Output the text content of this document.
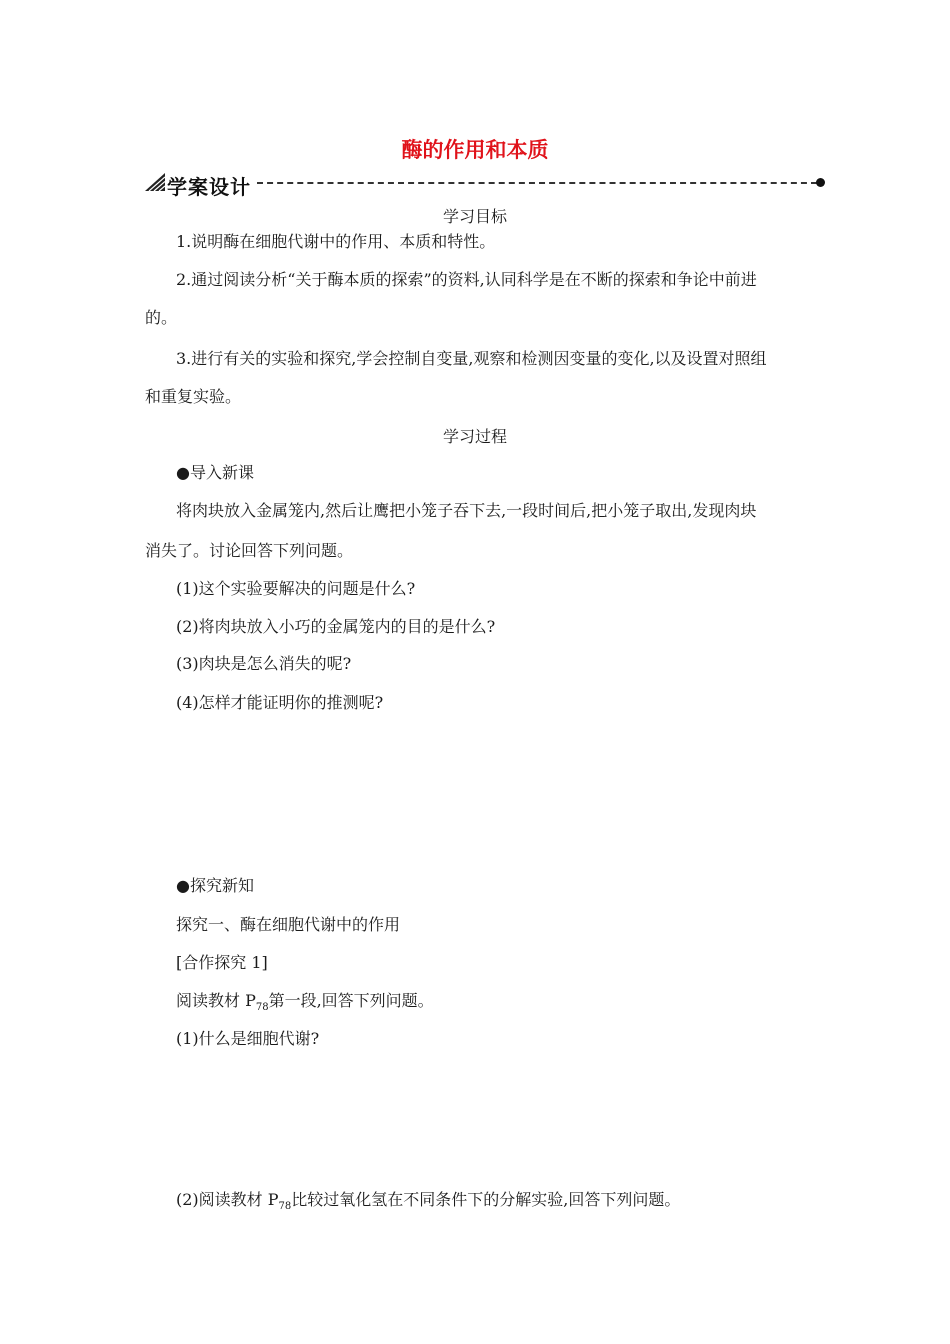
酶的作用和本质
学案设计
学习目标
1.说明酶在细胞代谢中的作用、本质和特性。
2.通过阅读分析“关于酶本质的探索”的资料,认同科学是在不断的探索和争论中前进
的。
3.进行有关的实验和探究,学会控制自变量,观察和检测因变量的变化,以及设置对照组
和重复实验。
学习过程
●导入新课
将肉块放入金属笼内,然后让鹰把小笼子吞下去,一段时间后,把小笼子取出,发现肉块
消失了。讨论回答下列问题。
(1)这个实验要解决的问题是什么?
(2)将肉块放入小巧的金属笼内的目的是什么?
(3)肉块是怎么消失的呢?
(4)怎样才能证明你的推测呢?
●探究新知
探究一、酶在细胞代谢中的作用
[合作探究 1]
阅读教材 $P_{78}$第一段,回答下列问题。
(1)什么是细胞代谢?
(2)阅读教材 $P_{78}$比较过氧化氢在不同条件下的分解实验,回答下列问题。
